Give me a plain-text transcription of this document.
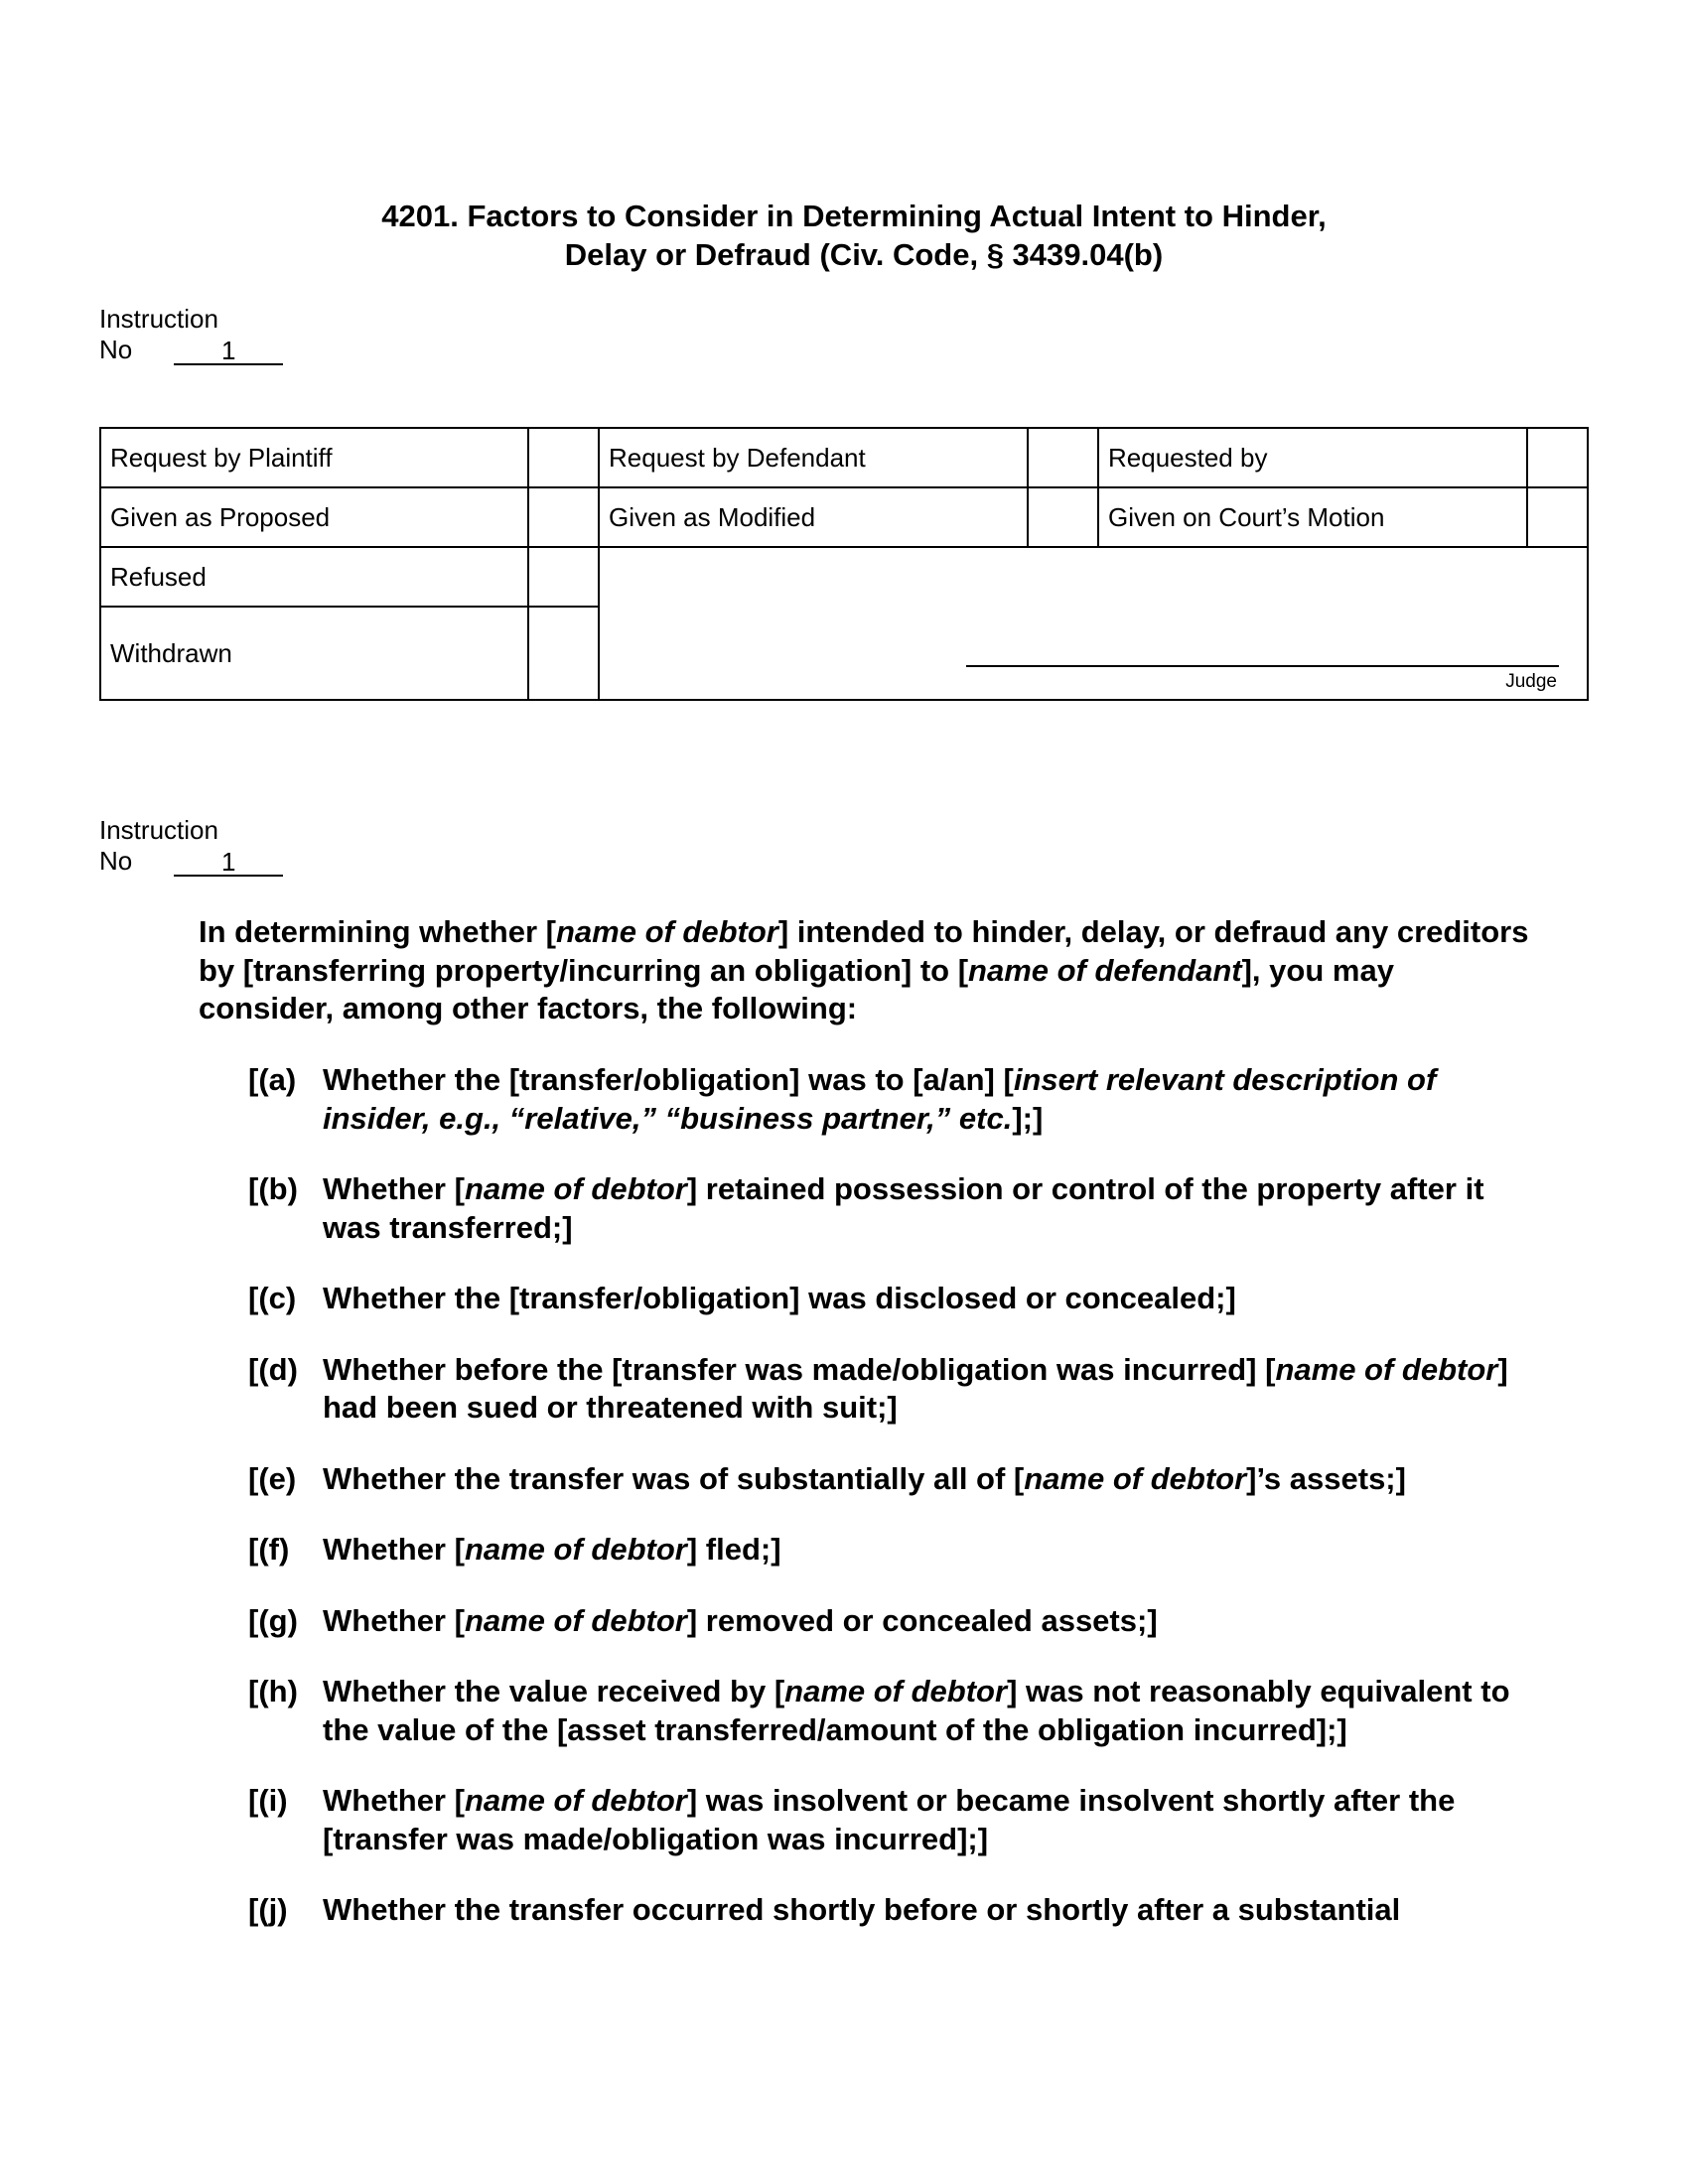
4201. Factors to Consider in Determining Actual Intent to Hinder,
Delay or Defraud (Civ. Code, § 3439.04(b)
Instruction
No	1
Request by Plaintiff		Request by Defendant		Requested by	
Given as Proposed		Given as Modified		Given on Court’s Motion	
Refused		Judge			

Withdrawn					
Instruction
No	1

In determining whether [name of debtor] intended to hinder, delay, or defraud any creditors by [transferring property/incurring an obligation] to [name of defendant], you may consider, among other factors, the following:

[(a) Whether the [transfer/obligation] was to [a/an] [insert relevant description of insider, e.g., “relative,” “business partner,” etc.];]
[(b) Whether [name of debtor] retained possession or control of the property after it was transferred;]
[(c) Whether the [transfer/obligation] was disclosed or concealed;]
[(d) Whether before the [transfer was made/obligation was incurred] [name of debtor] had been sued or threatened with suit;]
[(e) Whether the transfer was of substantially all of [name of debtor]’s assets;]
[(f)	Whether [name of debtor] fled;]
[(g) Whether [name of debtor] removed or concealed assets;]
[(h) Whether the value received by [name of debtor] was not reasonably equivalent to the value of the [asset transferred/amount of the obligation incurred];]
[(i)	Whether [name of debtor] was insolvent or became insolvent shortly after the [transfer was made/obligation was incurred];]
[(j)	Whether the transfer occurred shortly before or shortly after a substantial
